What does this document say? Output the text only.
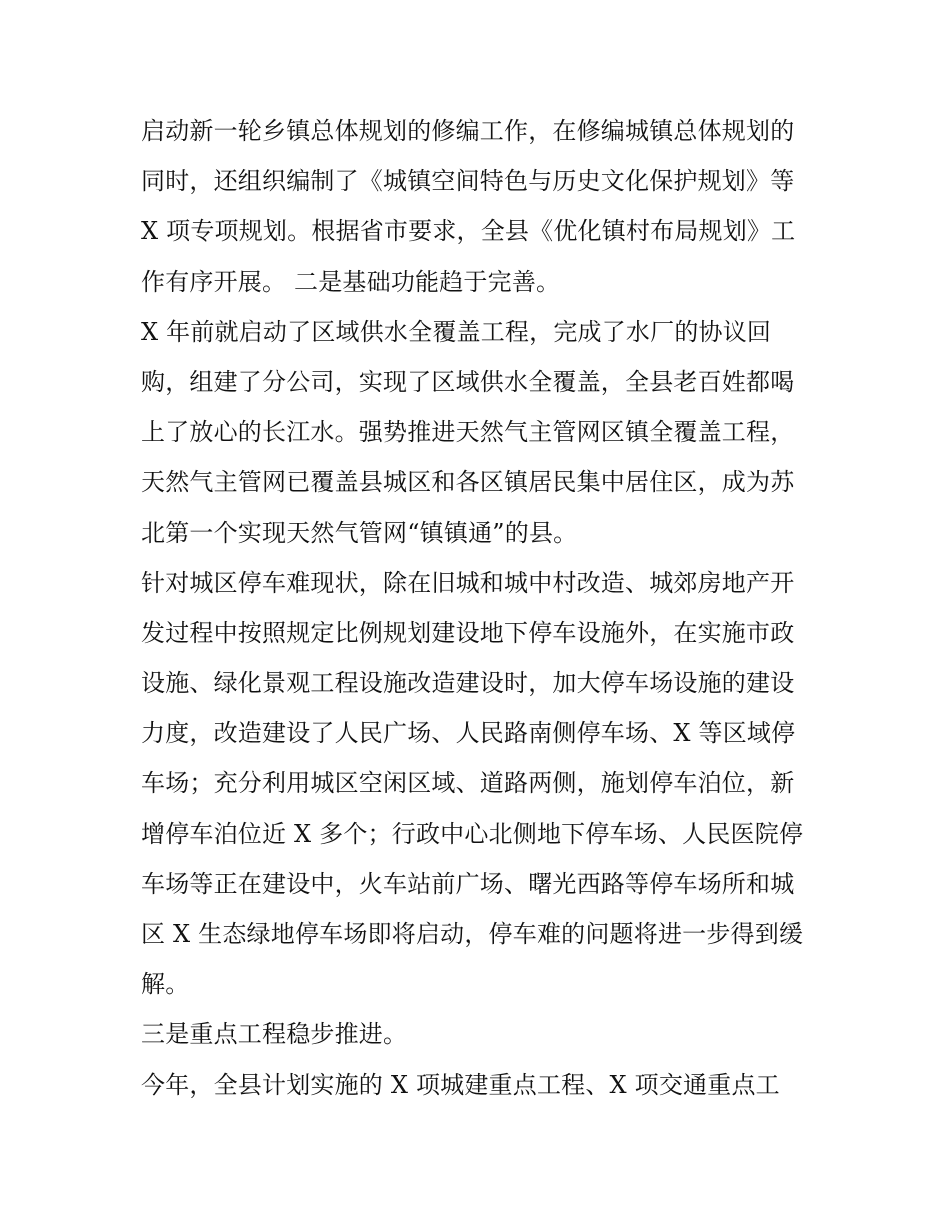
启动新一轮乡镇总体规划的修编工作，在修编城镇总体规划的
同时，还组织编制了《城镇空间特色与历史文化保护规划》等
X 项专项规划。根据省市要求，全县《优化镇村布局规划》工
作有序开展。 二是基础功能趋于完善。
X 年前就启动了区域供水全覆盖工程，完成了水厂的协议回
购，组建了分公司，实现了区域供水全覆盖，全县老百姓都喝
上了放心的长江水。强势推进天然气主管网区镇全覆盖工程，
天然气主管网已覆盖县城区和各区镇居民集中居住区，成为苏
北第一个实现天然气管网“镇镇通”的县。
针对城区停车难现状，除在旧城和城中村改造、城郊房地产开
发过程中按照规定比例规划建设地下停车设施外，在实施市政
设施、绿化景观工程设施改造建设时，加大停车场设施的建设
力度，改造建设了人民广场、人民路南侧停车场、X 等区域停
车场；充分利用城区空闲区域、道路两侧，施划停车泊位，新
增停车泊位近 X 多个；行政中心北侧地下停车场、人民医院停
车场等正在建设中，火车站前广场、曙光西路等停车场所和城
区 X 生态绿地停车场即将启动，停车难的问题将进一步得到缓
解。
三是重点工程稳步推进。
今年，全县计划实施的 X 项城建重点工程、X 项交通重点工
